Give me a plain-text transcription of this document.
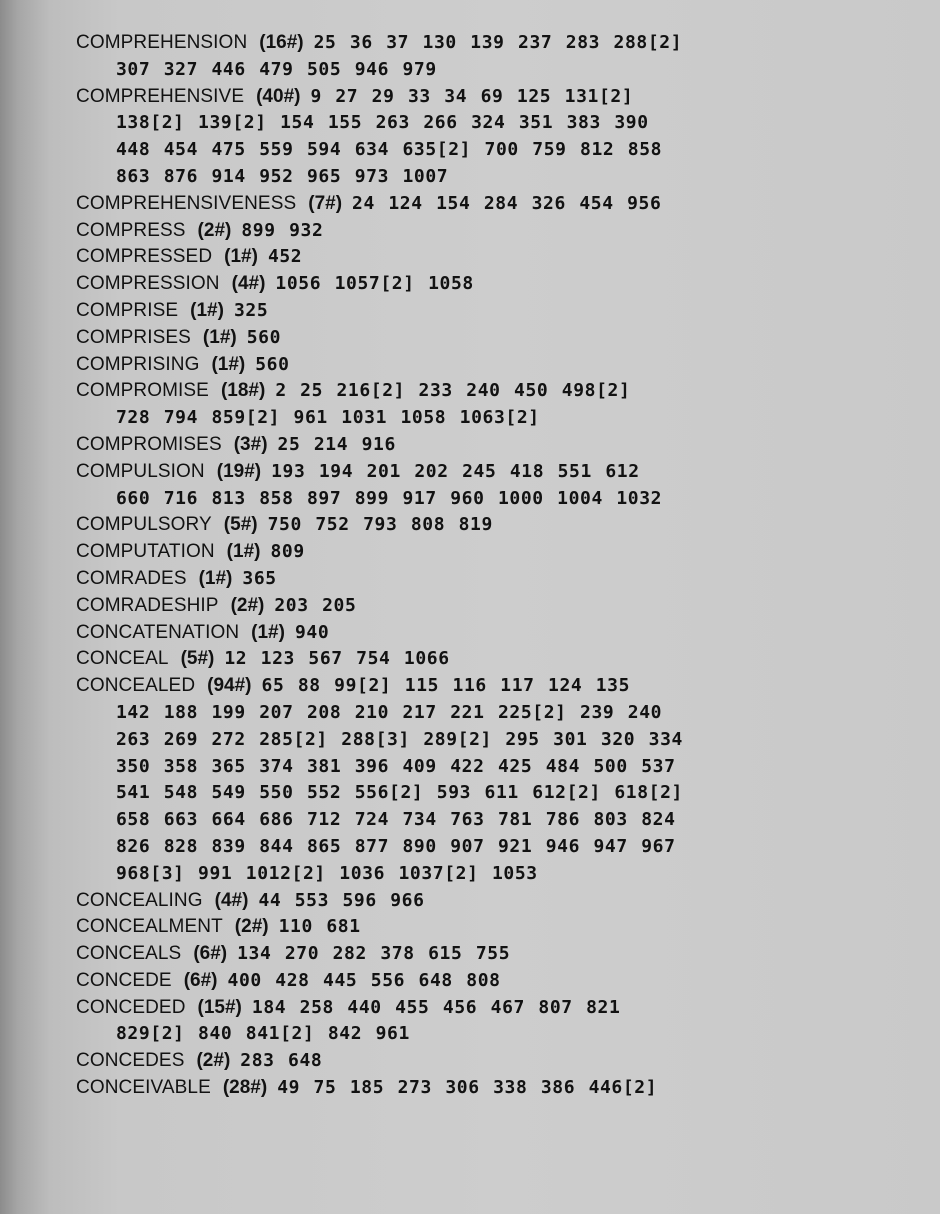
COMPREHENSION (16#) 25 36 37 130 139 237 283 288[2]
307 327 446 479 505 946 979
COMPREHENSIVE (40#) 9 27 29 33 34 69 125 131[2]
138[2] 139[2] 154 155 263 266 324 351 383 390
448 454 475 559 594 634 635[2] 700 759 812 858
863 876 914 952 965 973 1007
COMPREHENSIVENESS (7#) 24 124 154 284 326 454 956
COMPRESS (2#) 899 932
COMPRESSED (1#) 452
COMPRESSION (4#) 1056 1057[2] 1058
COMPRISE (1#) 325
COMPRISES (1#) 560
COMPRISING (1#) 560
COMPROMISE (18#) 2 25 216[2] 233 240 450 498[2]
728 794 859[2] 961 1031 1058 1063[2]
COMPROMISES (3#) 25 214 916
COMPULSION (19#) 193 194 201 202 245 418 551 612
660 716 813 858 897 899 917 960 1000 1004 1032
COMPULSORY (5#) 750 752 793 808 819
COMPUTATION (1#) 809
COMRADES (1#) 365
COMRADESHIP (2#) 203 205
CONCATENATION (1#) 940
CONCEAL (5#) 12 123 567 754 1066
CONCEALED (94#) 65 88 99[2] 115 116 117 124 135
142 188 199 207 208 210 217 221 225[2] 239 240
263 269 272 285[2] 288[3] 289[2] 295 301 320 334
350 358 365 374 381 396 409 422 425 484 500 537
541 548 549 550 552 556[2] 593 611 612[2] 618[2]
658 663 664 686 712 724 734 763 781 786 803 824
826 828 839 844 865 877 890 907 921 946 947 967
968[3] 991 1012[2] 1036 1037[2] 1053
CONCEALING (4#) 44 553 596 966
CONCEALMENT (2#) 110 681
CONCEALS (6#) 134 270 282 378 615 755
CONCEDE (6#) 400 428 445 556 648 808
CONCEDED (15#) 184 258 440 455 456 467 807 821
829[2] 840 841[2] 842 961
CONCEDES (2#) 283 648
CONCEIVABLE (28#) 49 75 185 273 306 338 386 446[2]
